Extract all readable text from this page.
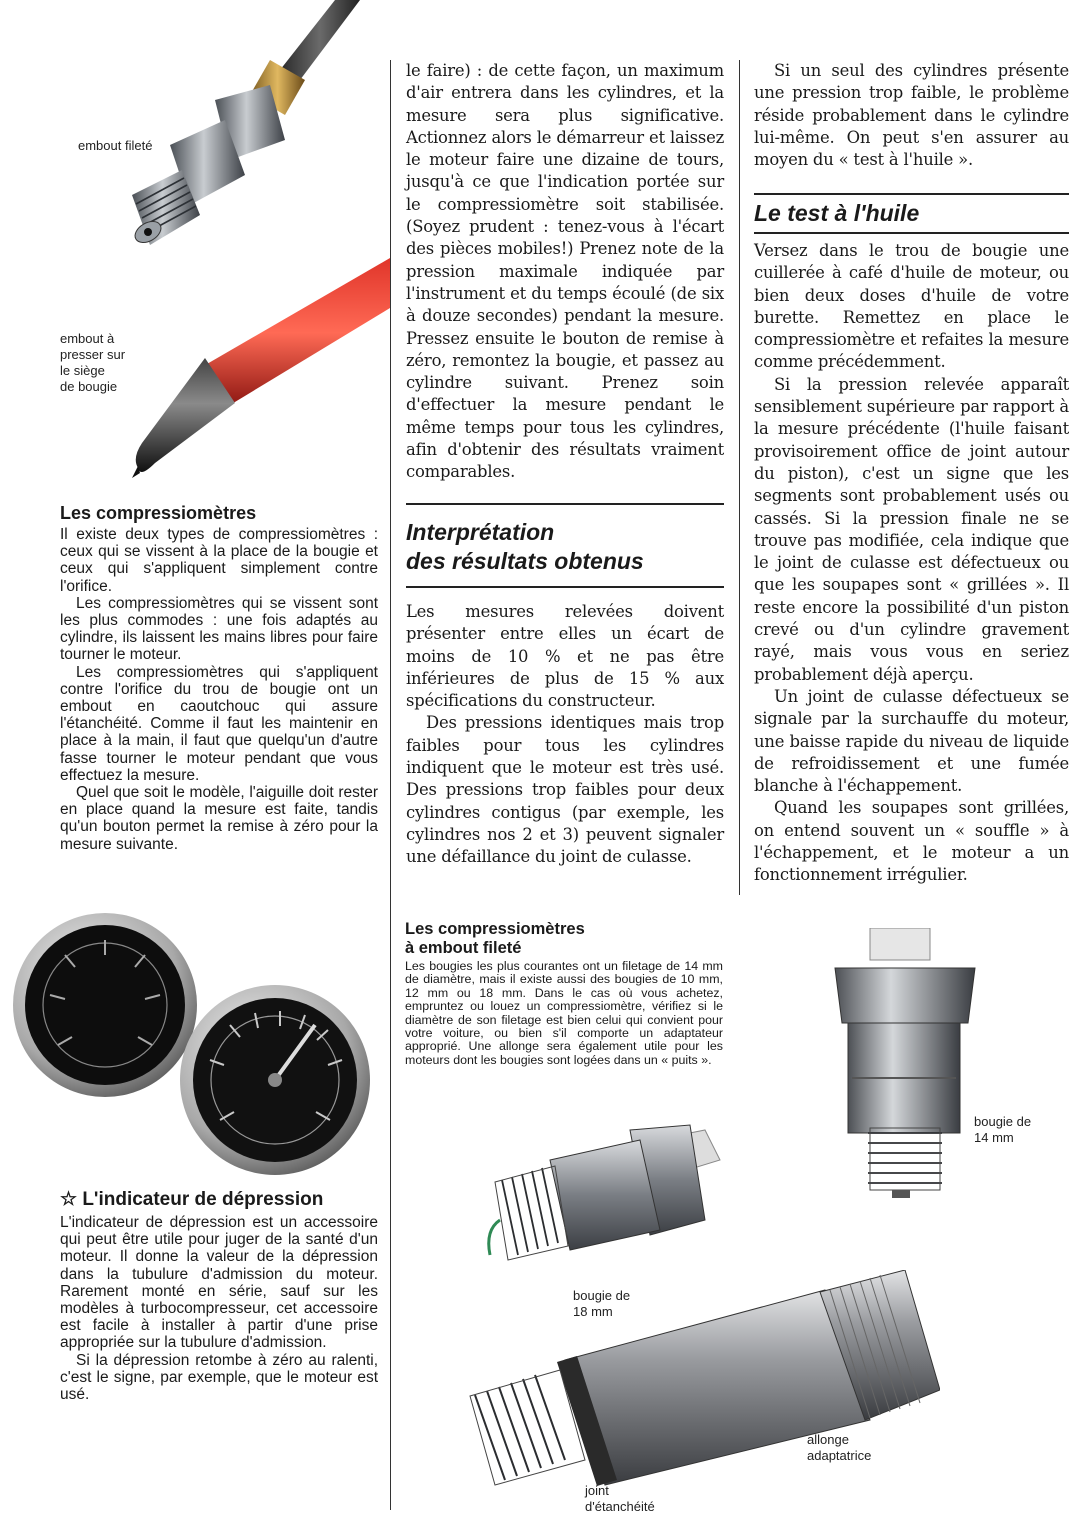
embout fileté
embout à
presser sur
le siège
de bougie
Les compressiomètres

Il existe deux types de compressiomètres : ceux qui se vissent à la place de la bougie et ceux qui s'appliquent simplement contre l'orifice.

Les compressiomètres qui se vissent sont les plus commodes : une fois adaptés au cylindre, ils laissent les mains libres pour faire tourner le moteur.

Les compressiomètres qui s'appliquent contre l'orifice du trou de bougie ont un embout en caoutchouc qui assure l'étanchéité. Comme il faut les maintenir en place à la main, il faut que quelqu'un d'autre fasse tourner le moteur pendant que vous effectuez la mesure.

Quel que soit le modèle, l'aiguille doit rester en place quand la mesure est faite, tandis qu'un bouton permet la remise à zéro pour la mesure suivante.

☆ L'indicateur de dépression

L'indicateur de dépression est un accessoire qui peut être utile pour juger de la santé d'un moteur. Il donne la valeur de la dépression dans la tubulure d'admission du moteur. Rarement monté en série, sauf sur les modèles à turbocompresseur, cet accessoire est facile à installer à partir d'une prise appropriée sur la tubulure d'admission.

Si la dépression retombe à zéro au ralenti, c'est le signe, par exemple, que le moteur est usé.

le faire) : de cette façon, un maximum d'air entrera dans les cylindres, et la mesure sera plus significative. Actionnez alors le démarreur et laissez le moteur faire une dizaine de tours, jusqu'à ce que l'indication portée sur le compressiomètre soit stabilisée. (Soyez prudent : tenez-vous à l'écart des pièces mobiles!) Prenez note de la pression maximale indiquée par l'instrument et du temps écoulé (de six à douze secondes) pendant la mesure. Pressez ensuite le bouton de remise à zéro, remontez la bougie, et passez au cylindre suivant. Prenez soin d'effectuer la mesure pendant le même temps pour tous les cylindres, afin d'obtenir des résultats vraiment comparables.

Interprétation
des résultats obtenus

Les mesures relevées doivent présenter entre elles un écart de moins de 10 % et ne pas être inférieures de plus de 15 % aux spécifications du constructeur.

Des pressions identiques mais trop faibles pour tous les cylindres indiquent que le moteur est très usé. Des pressions trop faibles pour deux cylindres contigus (par exemple, les cylindres nos 2 et 3) peuvent signaler une défaillance du joint de culasse.

Si un seul des cylindres présente une pression trop faible, le problème réside probablement dans le cylindre lui-même. On peut s'en assurer au moyen du « test à l'huile ».

Le test à l'huile

Versez dans le trou de bougie une cuillerée à café d'huile de moteur, ou bien deux doses d'huile de votre burette. Remettez en place le compressiomètre et refaites la mesure comme précédemment.

Si la pression relevée apparaît sensiblement supérieure par rapport à la mesure précédente (l'huile faisant provisoirement office de joint autour du piston), c'est un signe que les segments sont probablement usés ou cassés. Si la pression finale ne se trouve pas modifiée, cela indique que le joint de culasse est défectueux ou que les soupapes sont « grillées ». Il reste encore la possibilité d'un piston crevé ou d'un cylindre gravement rayé, mais vous vous en seriez probablement déjà aperçu.

Un joint de culasse défectueux se signale par la surchauffe du moteur, une baisse rapide du niveau de liquide de refroidissement et une fumée blanche à l'échappement.

Quand les soupapes sont grillées, on entend souvent un « souffle » à l'échappement, et le moteur a un fonctionnement irrégulier.

Les compressiomètres
à embout fileté

Les bougies les plus courantes ont un filetage de 14 mm de diamètre, mais il existe aussi des bougies de 10 mm, 12 mm ou 18 mm. Dans le cas où vous achetez, empruntez ou louez un compressiomètre, vérifiez si le diamètre de son filetage est bien celui qui convient pour votre voiture, ou bien s'il comporte un adaptateur approprié. Une allonge sera également utile pour les moteurs dont les bougies sont logées dans un « puits ».

bougie de
14 mm
bougie de
18 mm
allonge
adaptatrice
joint
d'étanchéité
